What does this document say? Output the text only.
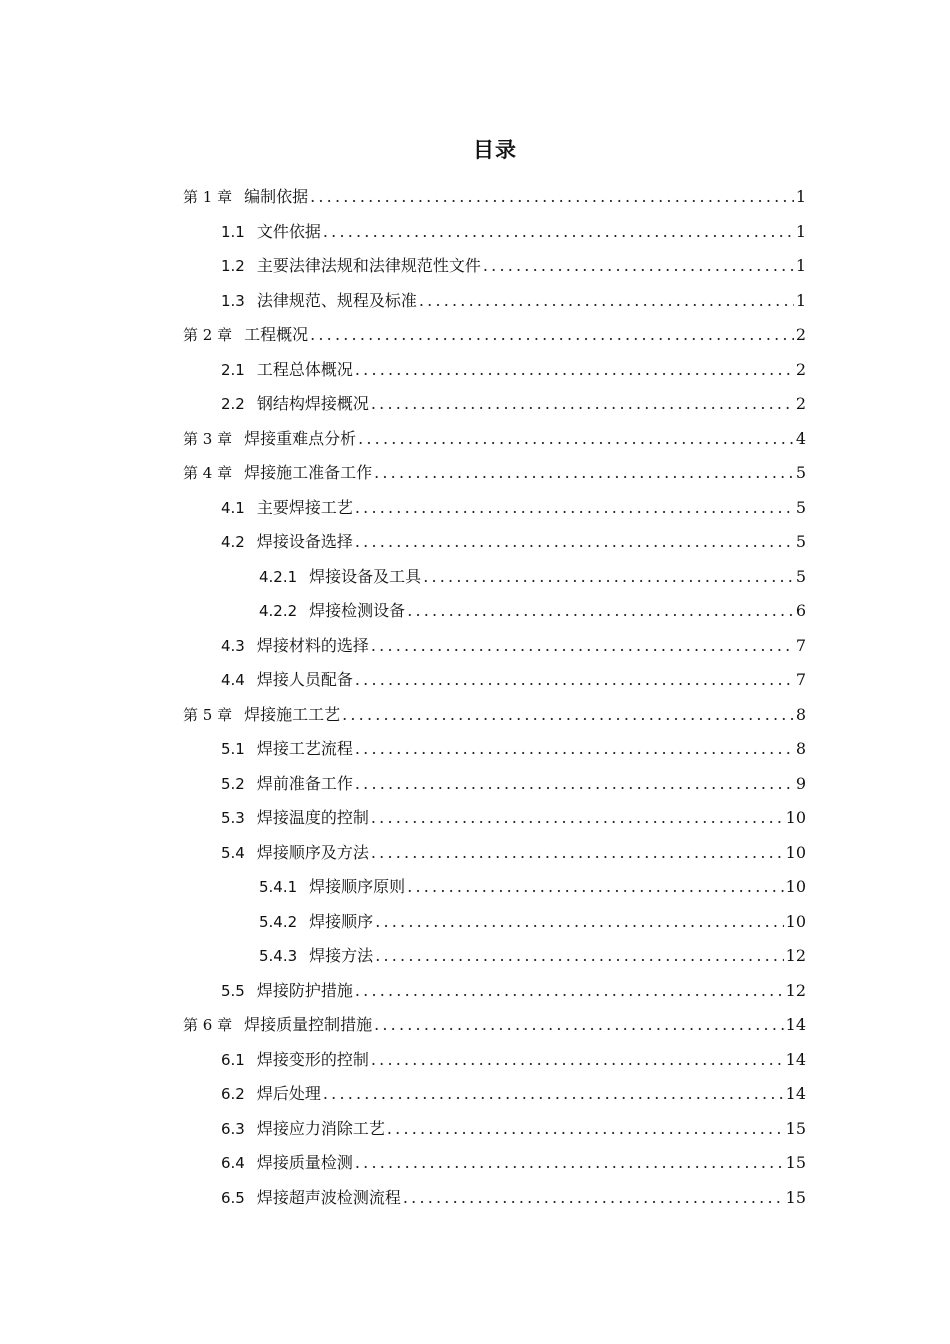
目录
第 1 章 编制依据 .....	1
1.1 文件依据 .....	1
1.2 主要法律法规和法律规范性文件 .....	1
1.3 法律规范、规程及标准 .....	1
第 2 章 工程概况 .....	2
2.1 工程总体概况 .....	2
2.2 钢结构焊接概况 .....	2
第 3 章 焊接重难点分析 .....	4
第 4 章 焊接施工准备工作 .....	5
4.1 主要焊接工艺 .....	5
4.2 焊接设备选择 .....	5
4.2.1 焊接设备及工具 .....	5
4.2.2 焊接检测设备 .....	6
4.3 焊接材料的选择 .....	7
4.4 焊接人员配备 .....	7
第 5 章 焊接施工工艺 .....	8
5.1 焊接工艺流程 .....	8
5.2 焊前准备工作 .....	9
5.3 焊接温度的控制 .....	10
5.4 焊接顺序及方法 .....	10
5.4.1 焊接顺序原则 .....	10
5.4.2 焊接顺序 .....	10
5.4.3 焊接方法 .....	12
5.5 焊接防护措施 .....	12
第 6 章 焊接质量控制措施 .....	14
6.1 焊接变形的控制 .....	14
6.2 焊后处理 .....	14
6.3 焊接应力消除工艺 .....	15
6.4 焊接质量检测 .....	15
6.5 焊接超声波检测流程 .....	15
